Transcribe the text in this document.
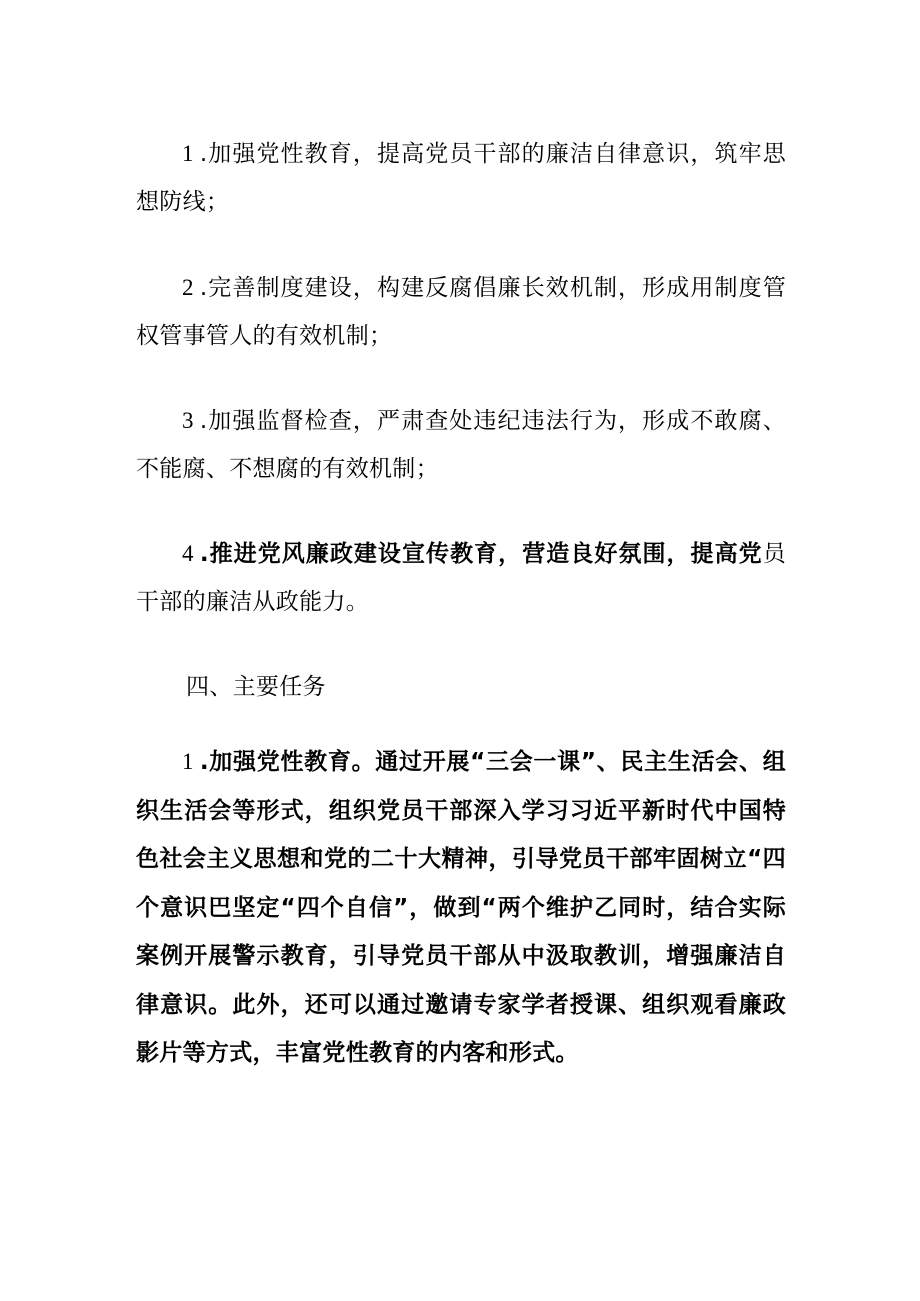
1 .加强党性教育，提高党员干部的廉洁自律意识，筑牢思想防线；

2 .完善制度建设，构建反腐倡廉长效机制，形成用制度管权管事管人的有效机制；

3 .加强监督检查，严肃查处违纪违法行为，形成不敢腐、不能腐、不想腐的有效机制；

4 .推进党风廉政建设宣传教育，营造良好氛围，提高党员干部的廉洁从政能力。

四、主要任务

1 .加强党性教育。通过开展“三会一课”、民主生活会、组织生活会等形式，组织党员干部深入学习习近平新时代中国特色社会主义思想和党的二十大精神，引导党员干部牢固树立“四个意识巴坚定“四个自信”，做到“两个维护乙同时，结合实际案例开展警示教育，引导党员干部从中汲取教训，增强廉洁自律意识。此外，还可以通过邀请专家学者授课、组织观看廉政影片等方式，丰富党性教育的内客和形式。
